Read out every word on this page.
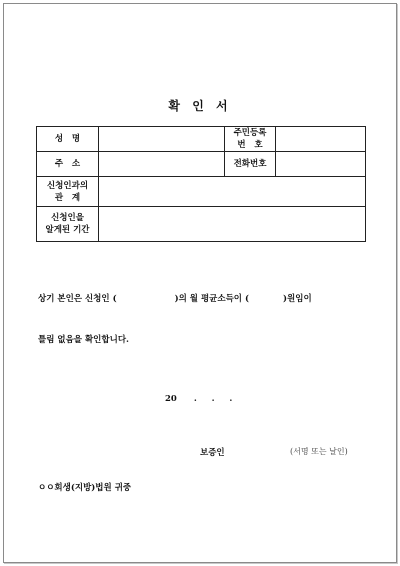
확 인 서
성   명		주민등록
번   호	

주   소		전화번호	

신청인과의
관   계			

신청인을
알게된 기간			

상기 본인은 신청인 (	)의 월 평균소득이 (	)원임이
틀림 없음을 확인합니다.
20 .     .     .
보증인	(서명 또는 날인)
ㅇㅇ회생(지방)법원 귀중
